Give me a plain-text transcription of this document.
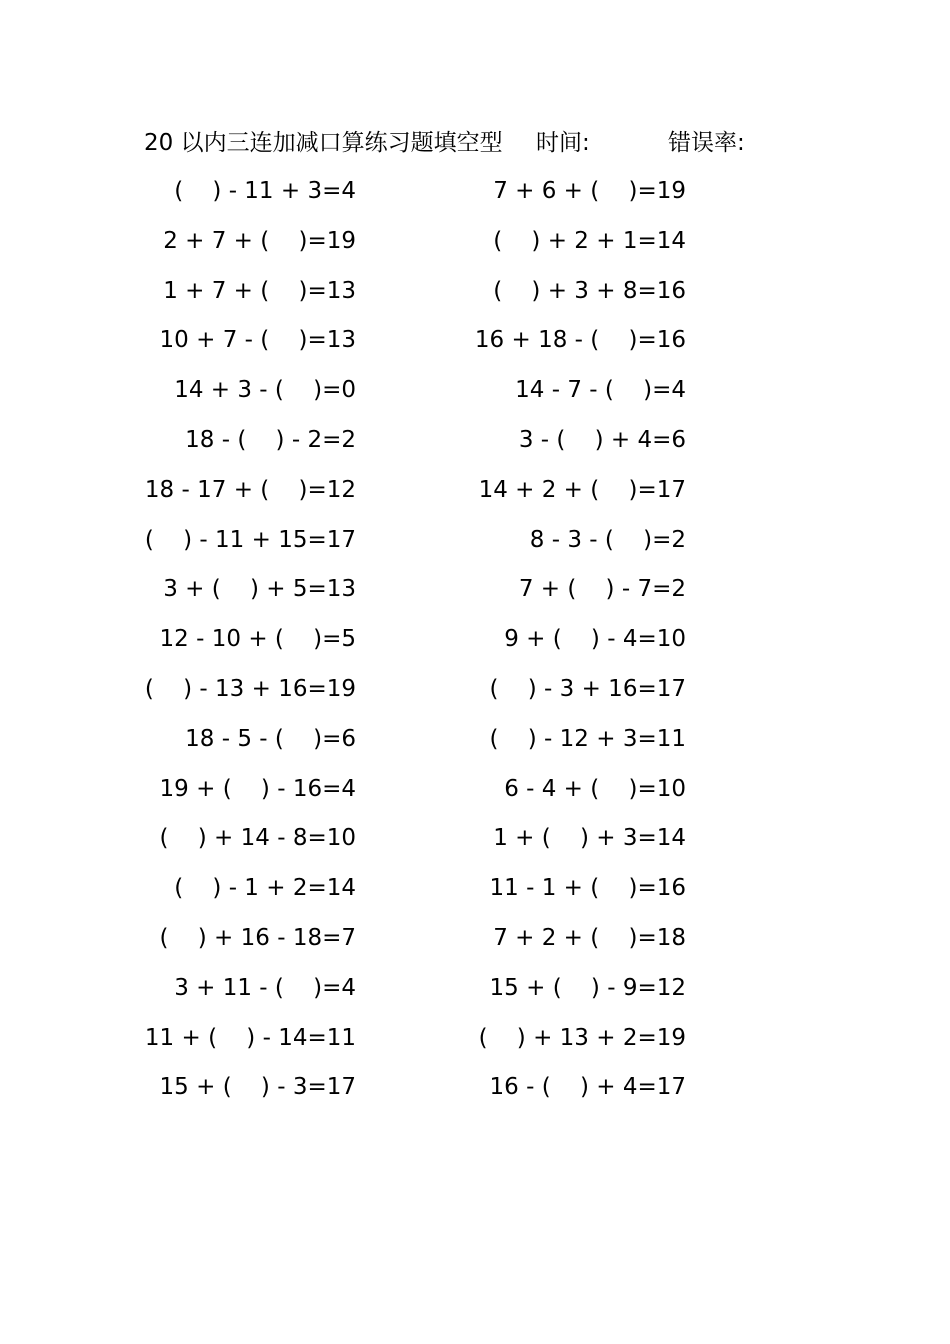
20 以内三连加减口算练习题填空型 时间:	错误率:
(    ) - 11 + 3=4
2 + 7 + (    )=19
1 + 7 + (    )=13
10 + 7 - (    )=13
14 + 3 - (    )=0
18 - (    ) - 2=2
18 - 17 + (    )=12
(    ) - 11 + 15=17
3 + (    ) + 5=13
12 - 10 + (    )=5
(    ) - 13 + 16=19
18 - 5 - (    )=6
19 + (    ) - 16=4
(    ) + 14 - 8=10
(    ) - 1 + 2=14
(    ) + 16 - 18=7
3 + 11 - (    )=4
11 + (    ) - 14=11
15 + (    ) - 3=17
7 + 6 + (    )=19
(    ) + 2 + 1=14
(    ) + 3 + 8=16
16 + 18 - (    )=16
14 - 7 - (    )=4
3 - (    ) + 4=6
14 + 2 + (    )=17
8 - 3 - (    )=2
7 + (    ) - 7=2
9 + (    ) - 4=10
(    ) - 3 + 16=17
(    ) - 12 + 3=11
6 - 4 + (    )=10
1 + (    ) + 3=14
11 - 1 + (    )=16
7 + 2 + (    )=18
15 + (    ) - 9=12
(    ) + 13 + 2=19
16 - (    ) + 4=17
